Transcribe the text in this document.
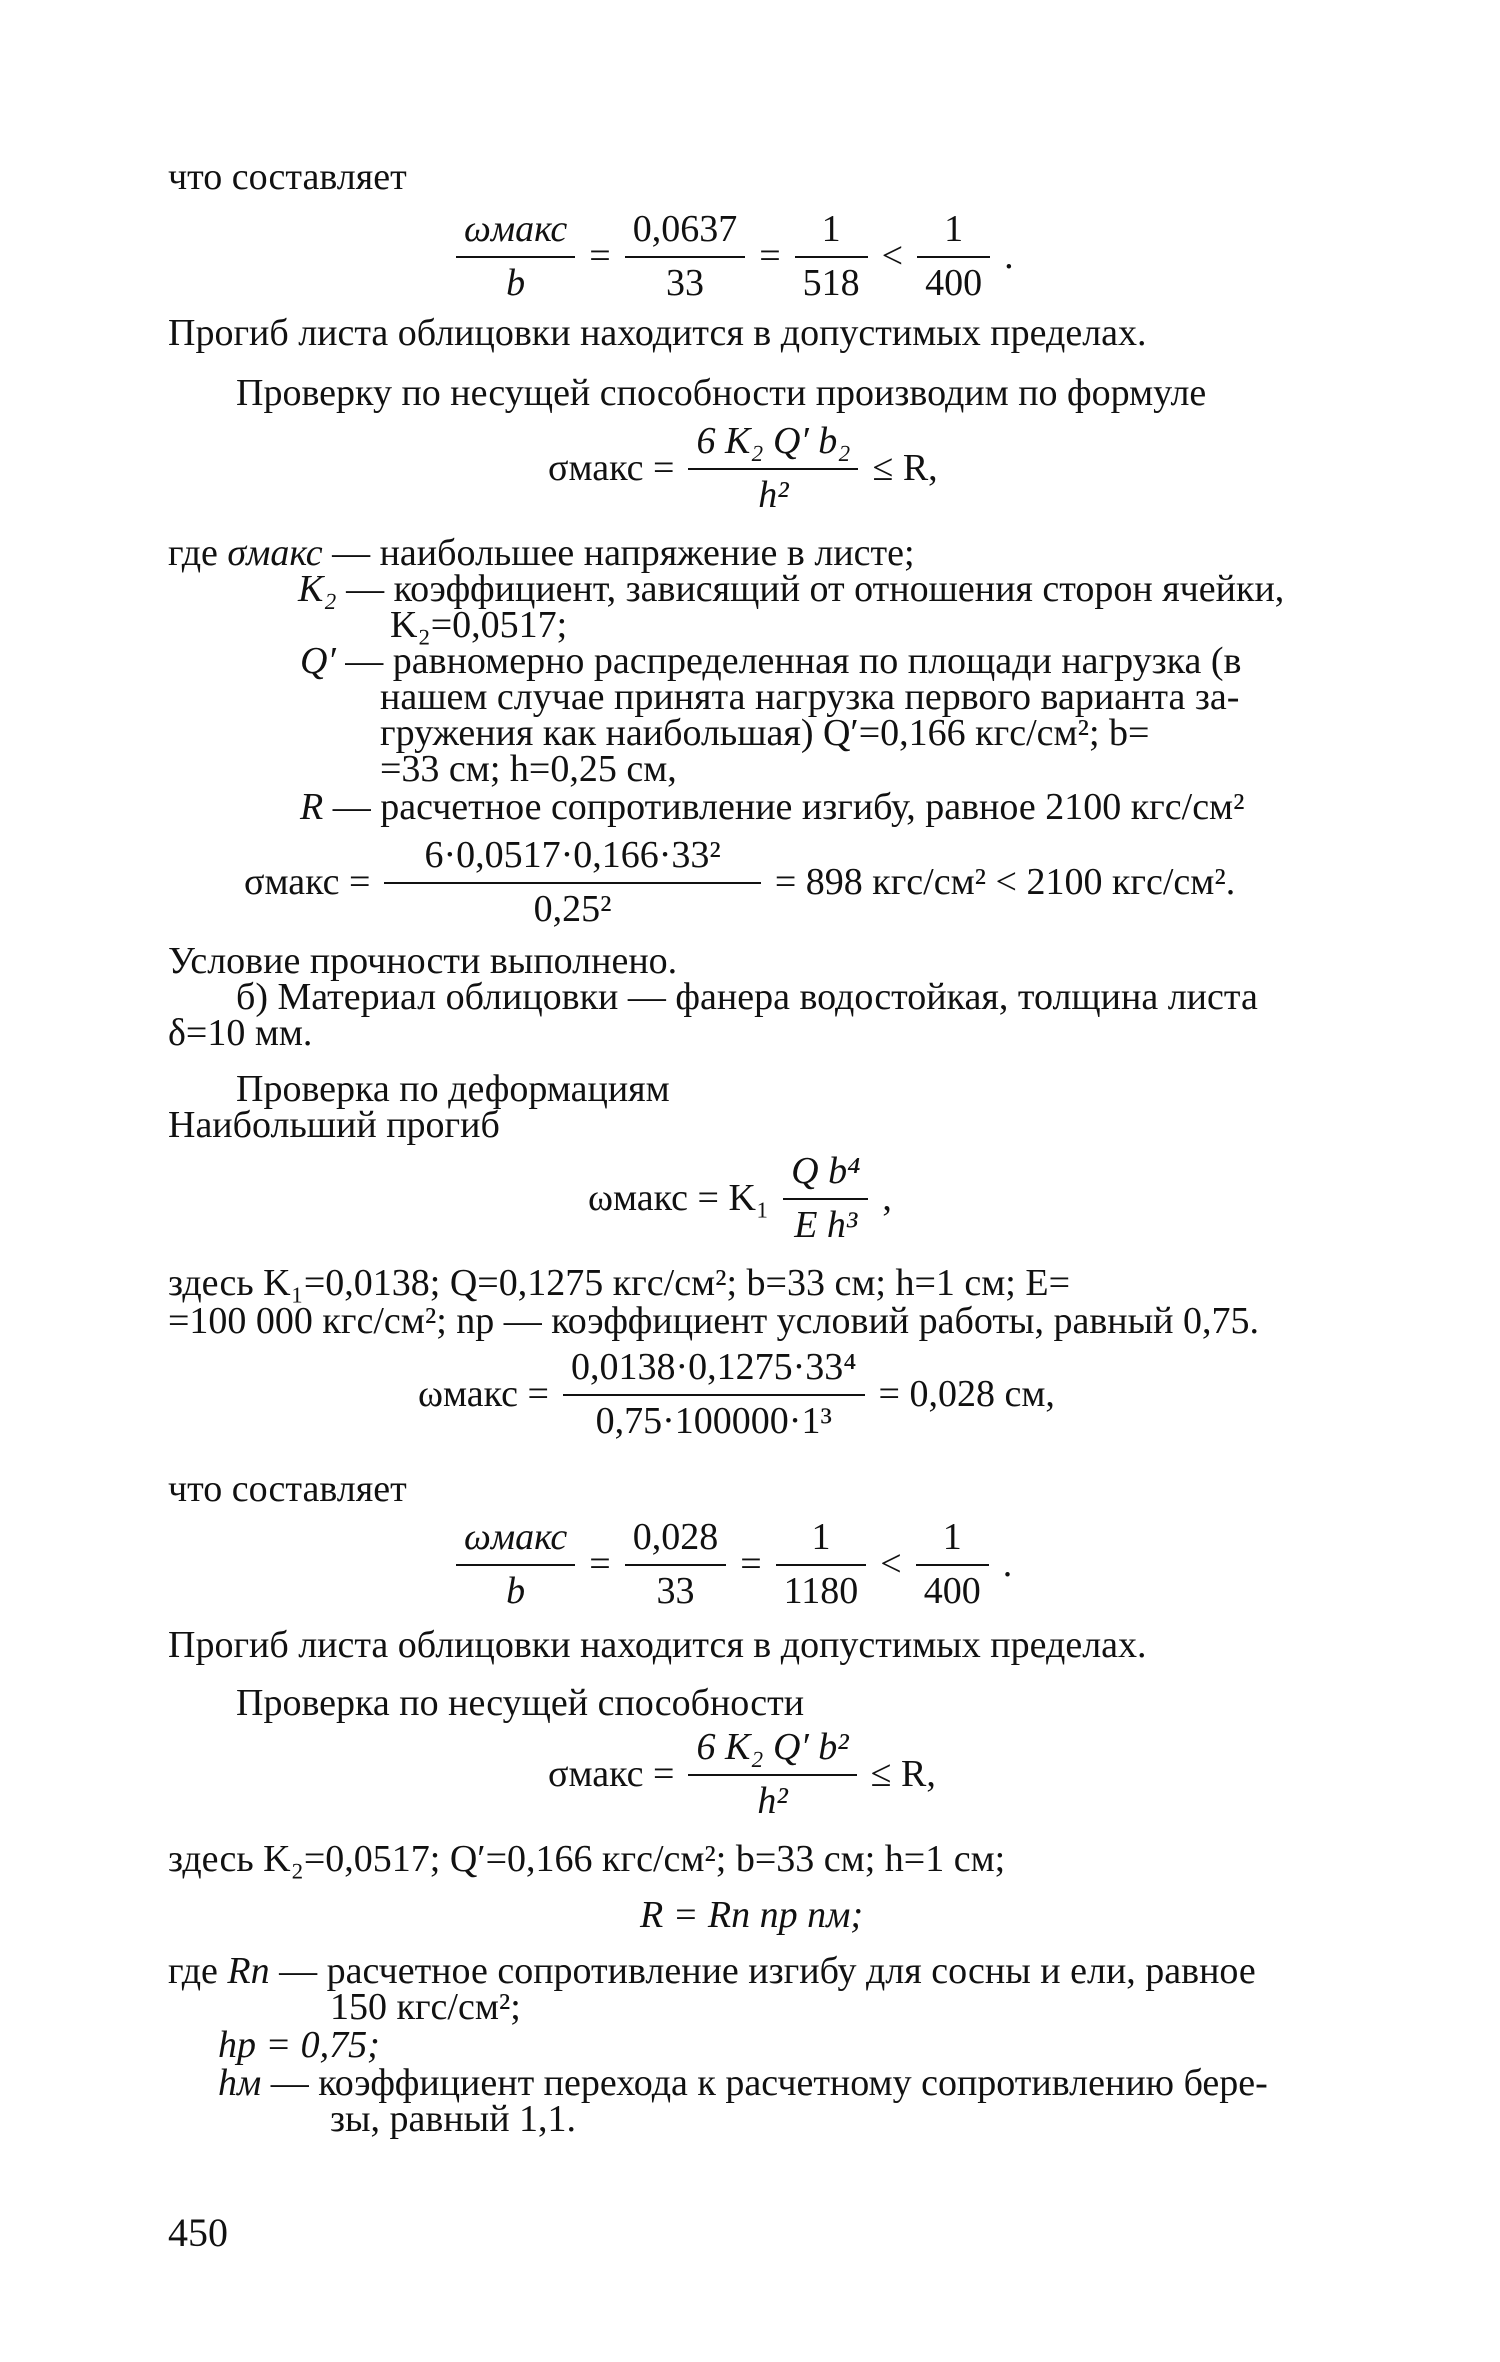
что составляет
$\frac{\text{ωмакс}}{b} = \frac{0,0637}{33} = \frac{1}{518} < \frac{1}{400}$ .
Прогиб листа облицовки находится в допустимых пределах.
Проверку по несущей способности производим по формуле
σмакс = $\frac{\text{6 K₂ Q′ b₂}}{\text{h²}} \le R$,
где σмакс — наибольшее напряжение в листе;
K₂ — коэффициент, зависящий от отношения сторон ячейки,
K₂=0,0517;
Q′ — равномерно распределенная по площади нагрузка (в
нашем случае принята нагрузка первого варианта за-
гружения как наибольшая) Q′=0,166 кгс/см²; b=
=33 см; h=0,25 см,
R — расчетное сопротивление изгибу, равное 2100 кгс/см²
σмакс = $\frac{\text{6·0,0517·0,166·33²}}{\text{0,25²}} = 898$ кгс/см² < 2100 кгс/см².
Условие прочности выполнено.
б) Материал облицовки — фанера водостойкая, толщина листа
δ=10 мм.
Проверка по деформациям
Наибольший прогиб
ωмакс = $K_1 \frac{\text{Q b⁴}}{\text{E h³}}$ ,
здесь K₁=0,0138; Q=0,1275 кгс/см²; b=33 см; h=1 см; E=
=100 000 кгс/см²; nр — коэффициент условий работы, равный 0,75.
ωмакс = $\frac{\text{0,0138·0,1275·33⁴}}{\text{0,75·100000·1³}} = 0,028$ см,
что составляет
$\frac{\text{ωмакс}}{b} = \frac{0,028}{33} = \frac{1}{1180} < \frac{1}{400}$ .
Прогиб листа облицовки находится в допустимых пределах.
Проверка по несущей способности
σмакс = $\frac{\text{6 K₂ Q′ b²}}{\text{h²}} \le R$,
здесь K₂=0,0517; Q′=0,166 кгс/см²; b=33 см; h=1 см;
R = Rп nр nм;
где Rп — расчетное сопротивление изгибу для сосны и ели, равное
150 кгс/см²;
hр = 0,75;
hм — коэффициент перехода к расчетному сопротивлению бере-
зы, равный 1,1.
450
